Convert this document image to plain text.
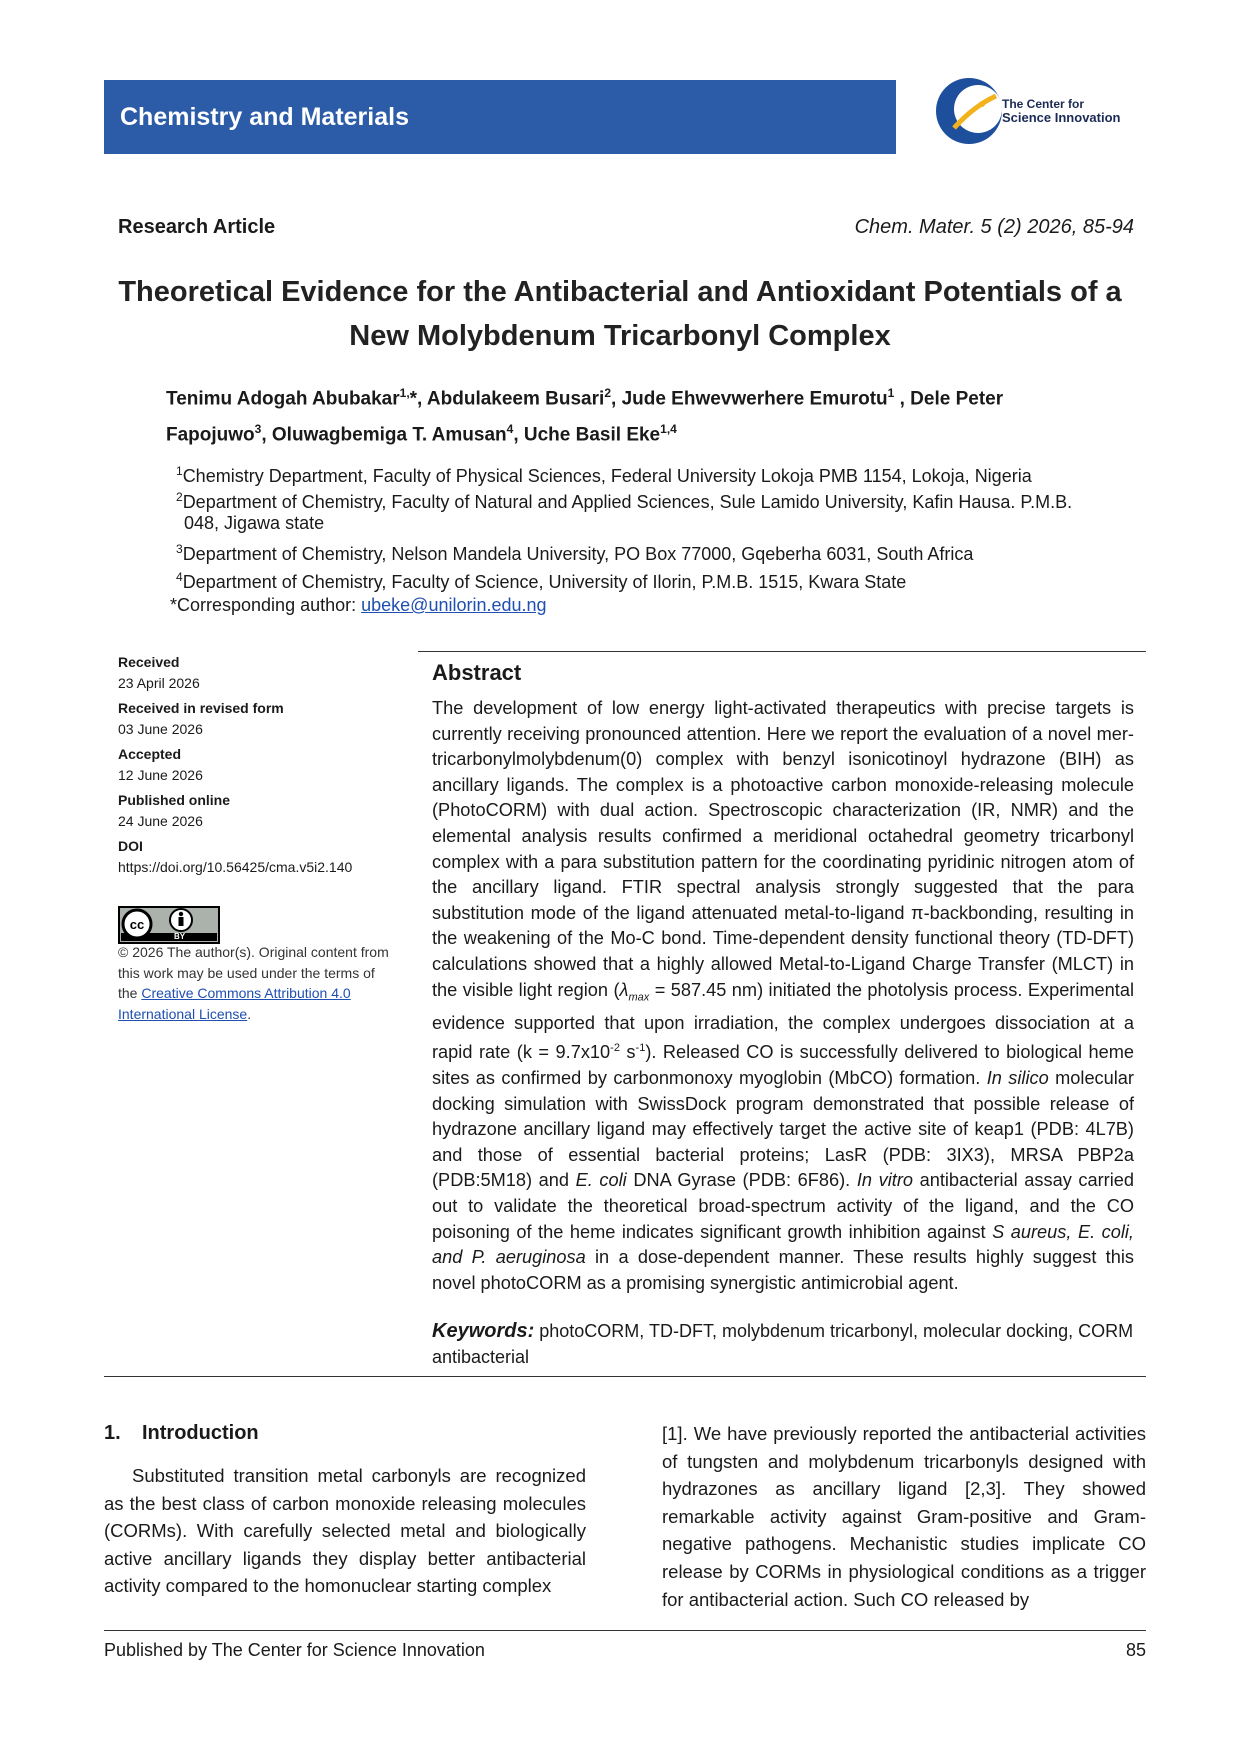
Chemistry and Materials	The Center for
Science Innovation
Research Article	Chem. Mater. 5 (2) 2026, 85-94
Theoretical Evidence for the Antibacterial and Antioxidant Potentials of a New Molybdenum Tricarbonyl Complex
Tenimu Adogah Abubakar$^{1,}$*, Abdulakeem Busari$^2$, Jude Ehwevwerhere Emurotu$^1$ , Dele Peter Fapojuwo$^3$, Oluwagbemiga T. Amusan$^4$, Uche Basil Eke$^{1,4}$
$^1$Chemistry Department, Faculty of Physical Sciences, Federal University Lokoja PMB 1154, Lokoja, Nigeria
$^2$Department of Chemistry, Faculty of Natural and Applied Sciences, Sule Lamido University, Kafin Hausa. P.M.B.
048, Jigawa state
$^3$Department of Chemistry, Nelson Mandela University, PO Box 77000, Gqeberha 6031, South Africa
$^4$Department of Chemistry, Faculty of Science, University of Ilorin, P.M.B. 1515, Kwara State
*Corresponding author: ubeke@unilorin.edu.ng
Received
23 April 2026
Received in revised form
03 June 2026
Accepted
12 June 2026
Published online
24 June 2026
DOI
https://doi.org/10.56425/cma.v5i2.140
cc
BY
© 2026 The author(s). Original content from this work may be used under the terms of the Creative Commons Attribution 4.0 International License.
Abstract
The development of low energy light-activated therapeutics with precise targets is currently receiving pronounced attention. Here we report the evaluation of a novel mer-tricarbonylmolybdenum(0) complex with benzyl isonicotinoyl hydrazone (BIH) as ancillary ligands. The complex is a photoactive carbon monoxide-releasing molecule (PhotoCORM) with dual action. Spectroscopic characterization (IR, NMR) and the elemental analysis results confirmed a meridional octahedral geometry tricarbonyl complex with a para substitution pattern for the coordinating pyridinic nitrogen atom of the ancillary ligand. FTIR spectral analysis strongly suggested that the para substitution mode of the ligand attenuated metal-to-ligand π-backbonding, resulting in the weakening of the Mo-C bond. Time-dependent density functional theory (TD-DFT) calculations showed that a highly allowed Metal-to-Ligand Charge Transfer (MLCT) in the visible light region ($\lambda_{max} = 587.45$ nm) initiated the photolysis process. Experimental evidence supported that upon irradiation, the complex undergoes dissociation at a rapid rate ($k = 9.7x10^{-2}$ $s^{-1}$). Released CO is successfully delivered to biological heme sites as confirmed by carbonmonoxy myoglobin (MbCO) formation. In silico molecular docking simulation with SwissDock program demonstrated that possible release of hydrazone ancillary ligand may effectively target the active site of keap1 (PDB: 4L7B) and those of essential bacterial proteins; LasR (PDB: 3IX3), MRSA PBP2a (PDB:5M18) and E. coli DNA Gyrase (PDB: 6F86). In vitro antibacterial assay carried out to validate the theoretical broad-spectrum activity of the ligand, and the CO poisoning of the heme indicates significant growth inhibition against S aureus, E. coli, and P. aeruginosa in a dose-dependent manner. These results highly suggest this novel photoCORM as a promising synergistic antimicrobial agent.
Keywords: photoCORM, TD-DFT, molybdenum tricarbonyl, molecular docking, CORM antibacterial
1. Introduction
Substituted transition metal carbonyls are recognized as the best class of carbon monoxide releasing molecules (CORMs). With carefully selected metal and biologically active ancillary ligands they display better antibacterial activity compared to the homonuclear starting complex
[1]. We have previously reported the antibacterial activities of tungsten and molybdenum tricarbonyls designed with hydrazones as ancillary ligand [2,3]. They showed remarkable activity against Gram-positive and Gram-negative pathogens. Mechanistic studies implicate CO release by CORMs in physiological conditions as a trigger for antibacterial action. Such CO released by
Published by The Center for Science Innovation	85
